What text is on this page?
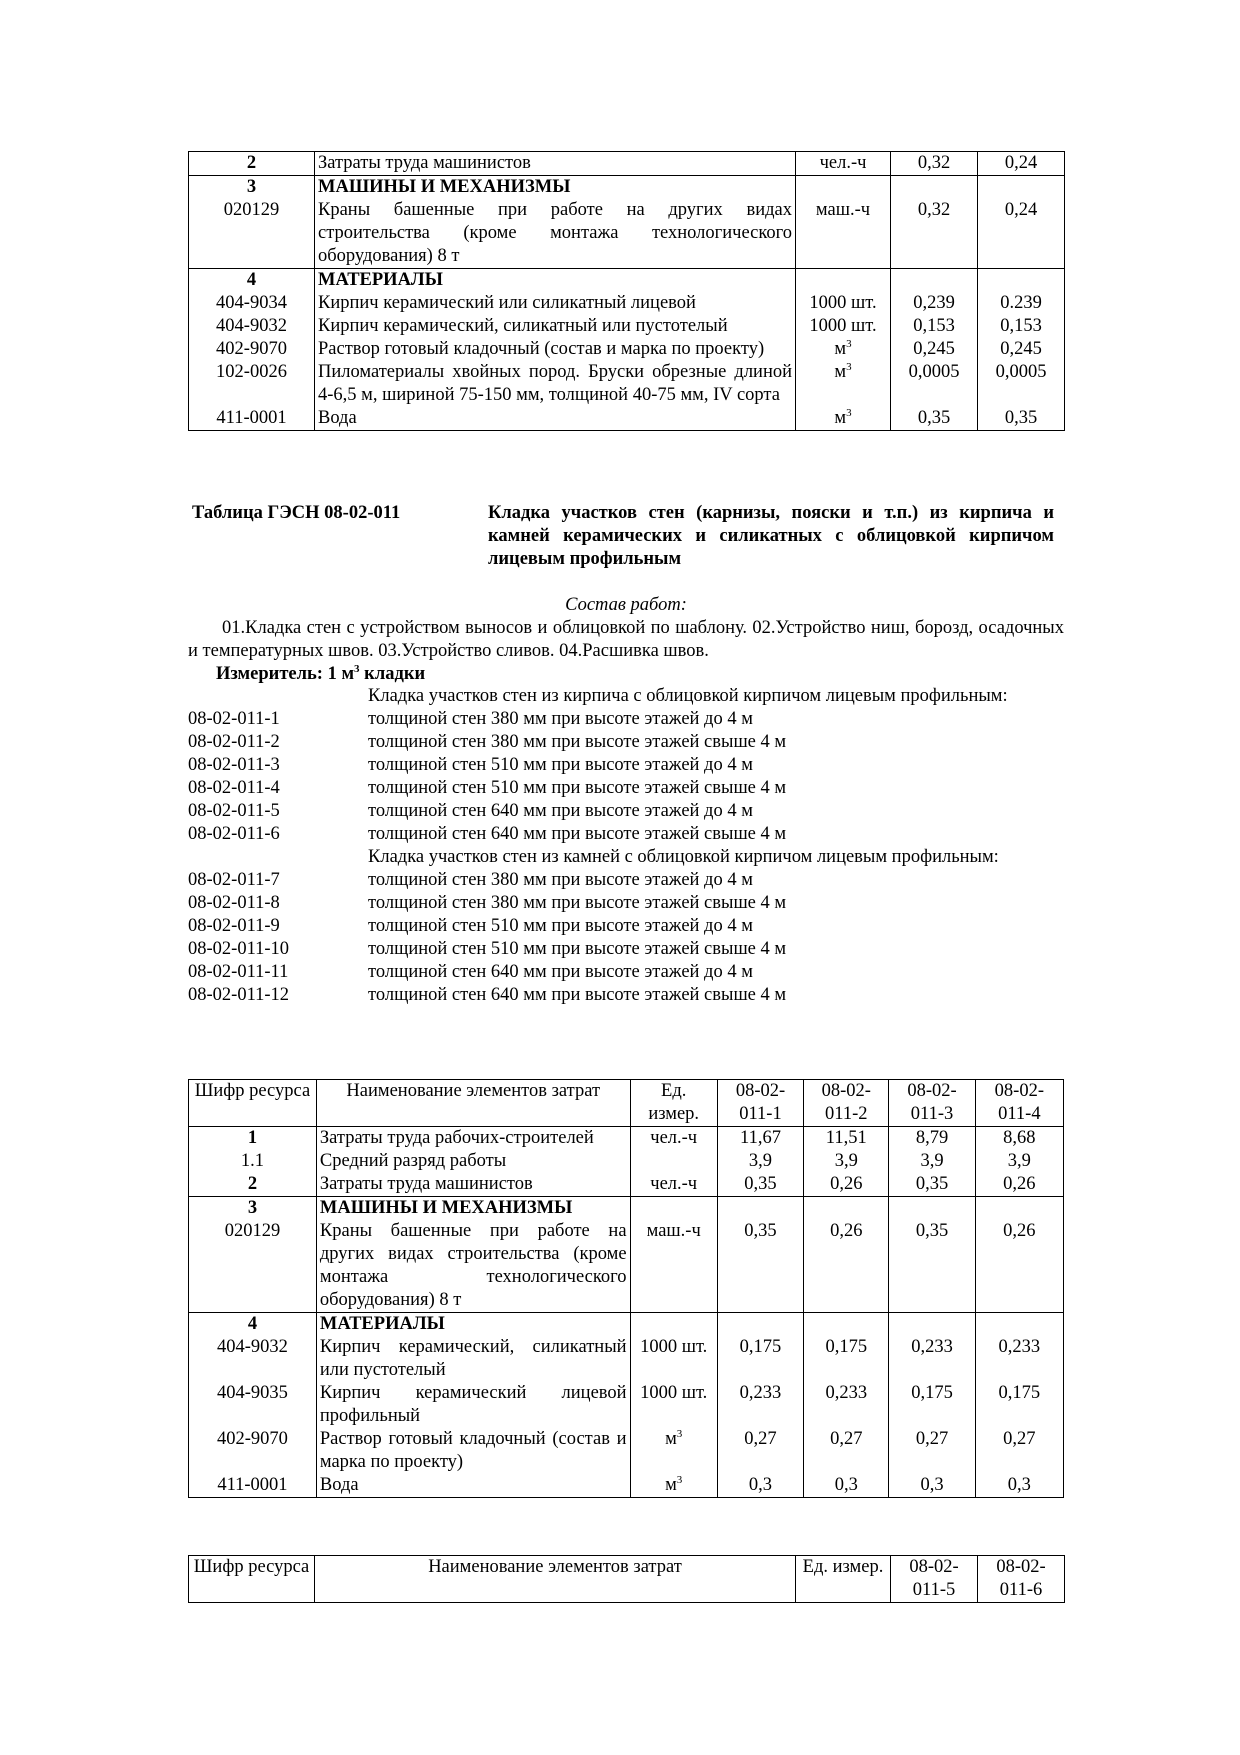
2	Затраты труда машинистов	чел.-ч	0,32	0,24
3	МАШИНЫ И МЕХАНИЗМЫ			
020129	Краны башенные при работе на других видах строительства (кроме монтажа технологического оборудования) 8 т	маш.-ч	0,32	0,24
4	МАТЕРИАЛЫ			
404-9034	Кирпич керамический или силикатный лицевой	1000 шт.	0,239	0.239
404-9032	Кирпич керамический, силикатный или пустотелый	1000 шт.	0,153	0,153
402-9070	Раствор готовый кладочный (состав и марка по проекту)	$м^3$	0,245	0,245
102-0026	Пиломатериалы хвойных пород. Бруски обрезные длиной 4-6,5 м, шириной 75-150 мм, толщиной 40-75 мм, IV сорта	$м^3$	0,0005	0,0005
411-0001	Вода	$м^3$	0,35	0,35
Таблица ГЭСН 08-02-011	Кладка участков стен (карнизы, пояски и т.п.) из кирпича и камней керамических и силикатных с облицовкой кирпичом лицевым профильным
Состав работ:
01.Кладка стен с устройством выносов и облицовкой по шаблону. 02.Устройство ниш, борозд, осадочных и температурных швов. 03.Устройство сливов. 04.Расшивка швов.
Измеритель: 1 $м^3$ кладки
	Кладка участков стен из кирпича с облицовкой кирпичом лицевым профильным:
08-02-011-1	толщиной стен 380 мм при высоте этажей до 4 м
08-02-011-2	толщиной стен 380 мм при высоте этажей свыше 4 м
08-02-011-3	толщиной стен 510 мм при высоте этажей до 4 м
08-02-011-4	толщиной стен 510 мм при высоте этажей свыше 4 м
08-02-011-5	толщиной стен 640 мм при высоте этажей до 4 м
08-02-011-6	толщиной стен 640 мм при высоте этажей свыше 4 м
	Кладка участков стен из камней с облицовкой кирпичом лицевым профильным:
08-02-011-7	толщиной стен 380 мм при высоте этажей до 4 м
08-02-011-8	толщиной стен 380 мм при высоте этажей свыше 4 м
08-02-011-9	толщиной стен 510 мм при высоте этажей до 4 м
08-02-011-10	толщиной стен 510 мм при высоте этажей свыше 4 м
08-02-011-11	толщиной стен 640 мм при высоте этажей до 4 м
08-02-011-12	толщиной стен 640 мм при высоте этажей свыше 4 м
Шифр ресурса	Наименование элементов затрат	Ед. измер.	08-02-011-1	08-02-011-2	08-02-011-3	08-02-011-4
1	Затраты труда рабочих-строителей	чел.-ч	11,67	11,51	8,79	8,68
1.1	Средний разряд работы		3,9	3,9	3,9	3,9
2	Затраты труда машинистов	чел.-ч	0,35	0,26	0,35	0,26
3	МАШИНЫ И МЕХАНИЗМЫ					
020129	Краны башенные при работе на других видах строительства (кроме монтажа технологического оборудования) 8 т	маш.-ч	0,35	0,26	0,35	0,26
4	МАТЕРИАЛЫ					
404-9032	Кирпич керамический, силикатный или пустотелый	1000 шт.	0,175	0,175	0,233	0,233
404-9035	Кирпич керамический лицевой профильный	1000 шт.	0,233	0,233	0,175	0,175
402-9070	Раствор готовый кладочный (состав и марка по проекту)	$м^3$	0,27	0,27	0,27	0,27
411-0001	Вода	$м^3$	0,3	0,3	0,3	0,3
Шифр ресурса	Наименование элементов затрат	Ед. измер.	08-02-011-5	08-02-011-6
